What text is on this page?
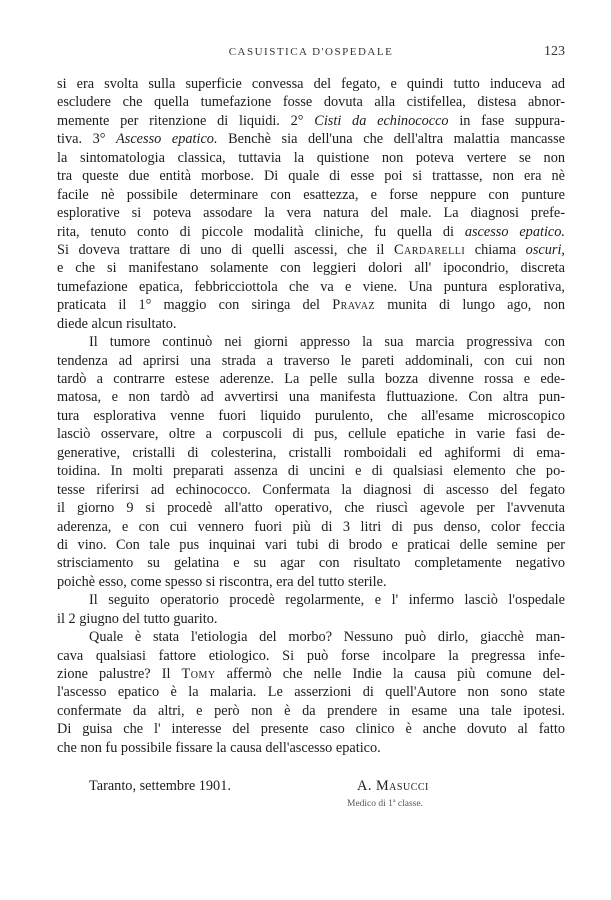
CASUISTICA D'OSPEDALE	123
si era svolta sulla superficie convessa del fegato, e quindi tutto induceva ad
escludere che quella tumefazione fosse dovuta alla cistifellea, distesa abnor-
memente per ritenzione di liquidi. 2° Cisti da echinococco in fase suppura-
tiva. 3° Ascesso epatico. Benchè sia dell'una che dell'altra malattia mancasse
la sintomatologia classica, tuttavia la quistione non poteva vertere se non
tra queste due entità morbose. Di quale di esse poi si trattasse, non era nè
facile nè possibile determinare con esattezza, e forse neppure con punture
esplorative si poteva assodare la vera natura del male. La diagnosi prefe-
rita, tenuto conto di piccole modalità cliniche, fu quella di ascesso epatico.
Si doveva trattare di uno di quelli ascessi, che il Cardarelli chiama oscuri,
e che si manifestano solamente con leggieri dolori all' ipocondrio, discreta
tumefazione epatica, febbricciottola che va e viene. Una puntura esplorativa,
praticata il 1° maggio con siringa del Pravaz munita di lungo ago, non
diede alcun risultato.
Il tumore continuò nei giorni appresso la sua marcia progressiva con
tendenza ad aprirsi una strada a traverso le pareti addominali, con cui non
tardò a contrarre estese aderenze. La pelle sulla bozza divenne rossa e ede-
matosa, e non tardò ad avvertirsi una manifesta fluttuazione. Con altra pun-
tura esplorativa venne fuori liquido purulento, che all'esame microscopico
lasciò osservare, oltre a corpuscoli di pus, cellule epatiche in varie fasi de-
generative, cristalli di colesterina, cristalli romboidali ed aghiformi di ema-
toidina. In molti preparati assenza di uncini e di qualsiasi elemento che po-
tesse riferirsi ad echinococco. Confermata la diagnosi di ascesso del fegato
il giorno 9 si procedè all'atto operativo, che riuscì agevole per l'avvenuta
aderenza, e con cui vennero fuori più di 3 litri di pus denso, color feccia
di vino. Con tale pus inquinai vari tubi di brodo e praticai delle semine per
strisciamento su gelatina e su agar con risultato completamente negativo
poichè esso, come spesso si riscontra, era del tutto sterile.
Il seguito operatorio procedè regolarmente, e l' infermo lasciò l'ospedale
il 2 giugno del tutto guarito.
Quale è stata l'etiologia del morbo? Nessuno può dirlo, giacchè man-
cava qualsiasi fattore etiologico. Si può forse incolpare la pregressa infe-
zione palustre? Il Tomy affermò che nelle Indie la causa più comune del-
l'ascesso epatico è la malaria. Le asserzioni di quell'Autore non sono state
confermate da altri, e però non è da prendere in esame una tale ipotesi.
Di guisa che l' interesse del presente caso clinico è anche dovuto al fatto
che non fu possibile fissare la causa dell'ascesso epatico.
Taranto, settembre 1901.	A. Masucci
Medico di 1ª classe.
